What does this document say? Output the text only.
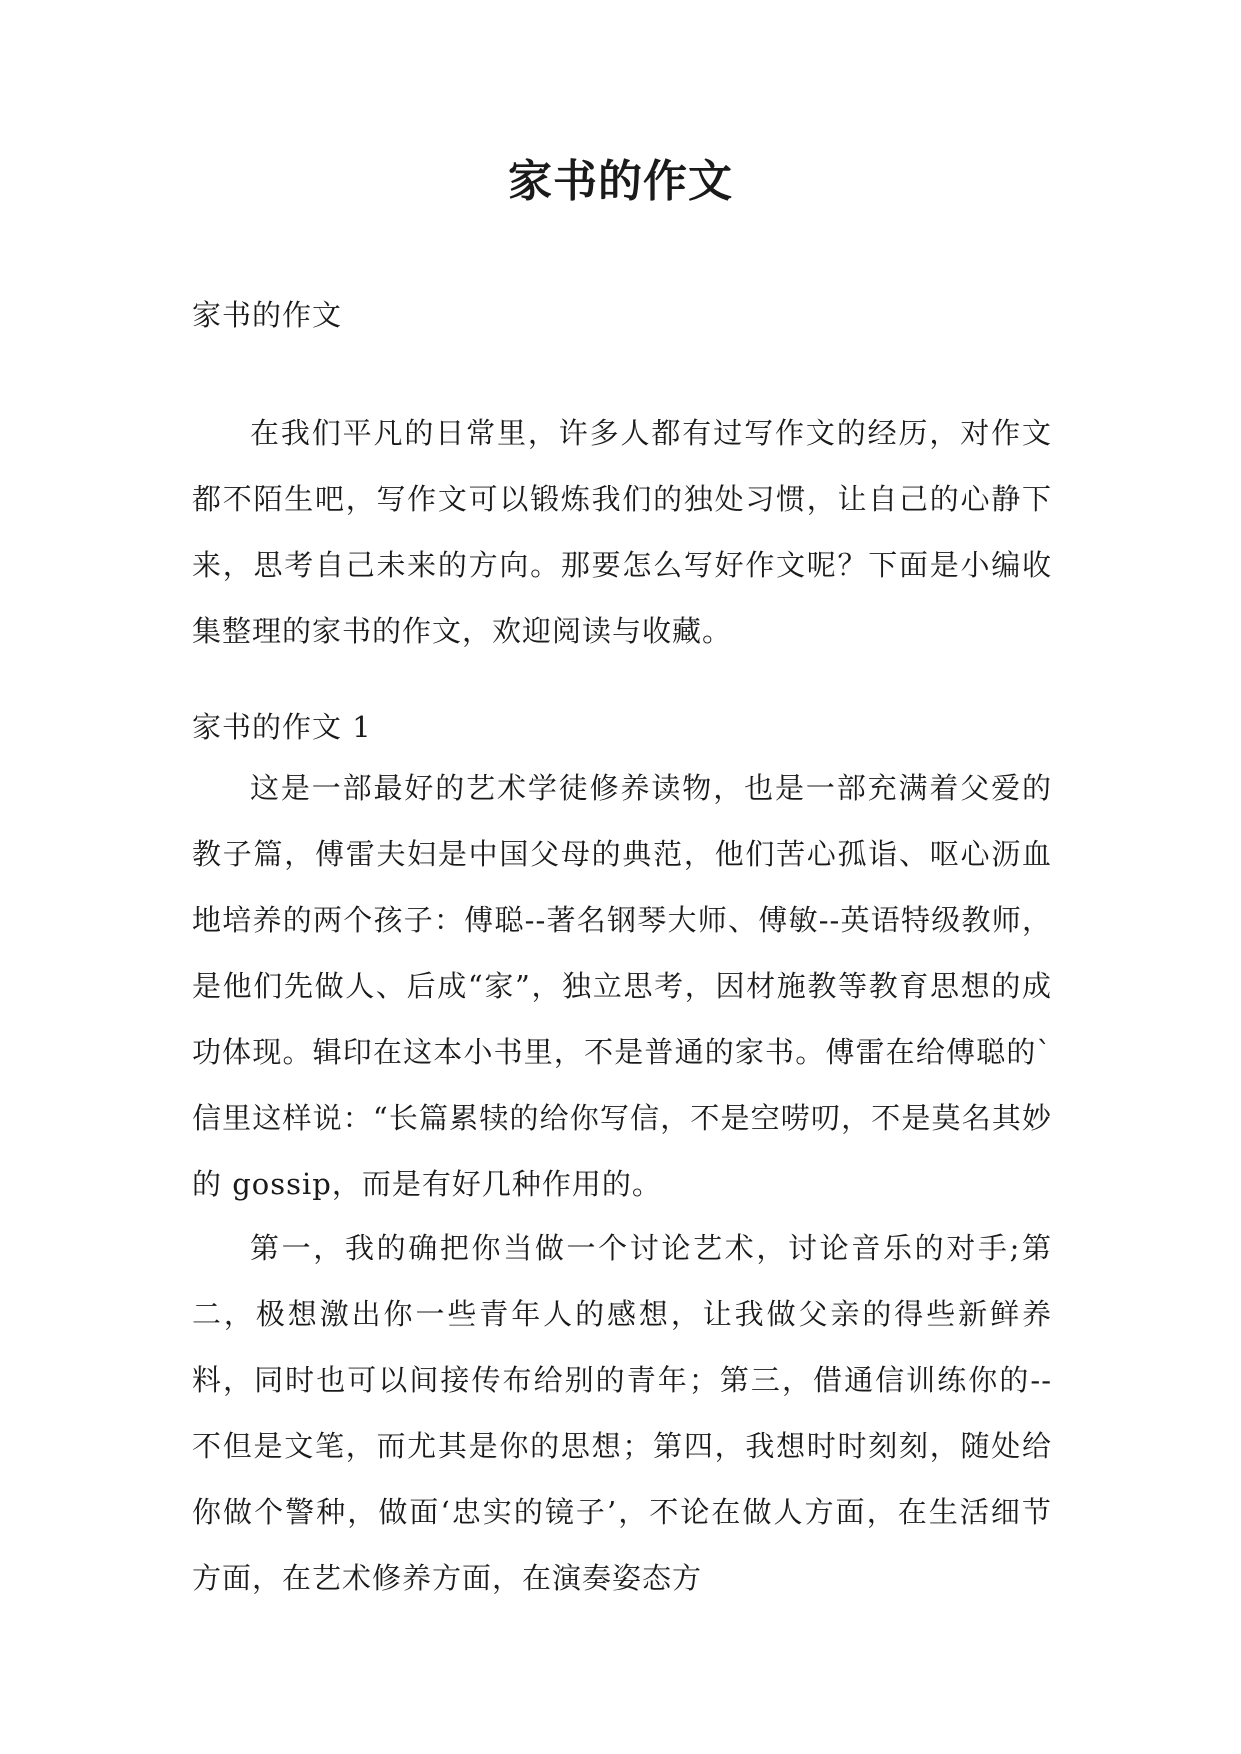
家书的作文

家书的作文

在我们平凡的日常里，许多人都有过写作文的经历，对作文都不陌生吧，写作文可以锻炼我们的独处习惯，让自己的心静下来，思考自己未来的方向。那要怎么写好作文呢？下面是小编收集整理的家书的作文，欢迎阅读与收藏。

家书的作文 1

这是一部最好的艺术学徒修养读物，也是一部充满着父爱的教子篇，傅雷夫妇是中国父母的典范，他们苦心孤诣、呕心沥血地培养的两个孩子：傅聪--著名钢琴大师、傅敏--英语特级教师，是他们先做人、后成“家”，独立思考，因材施教等教育思想的成功体现。辑印在这本小书里，不是普通的家书。傅雷在给傅聪的`信里这样说：“长篇累犊的给你写信，不是空唠叨，不是莫名其妙的 gossip，而是有好几种作用的。

第一，我的确把你当做一个讨论艺术，讨论音乐的对手;第二，极想激出你一些青年人的感想，让我做父亲的得些新鲜养料，同时也可以间接传布给别的青年；第三，借通信训练你的--不但是文笔，而尤其是你的思想；第四，我想时时刻刻，随处给你做个警种，做面‘忠实的镜子’，不论在做人方面，在生活细节方面，在艺术修养方面，在演奏姿态方
